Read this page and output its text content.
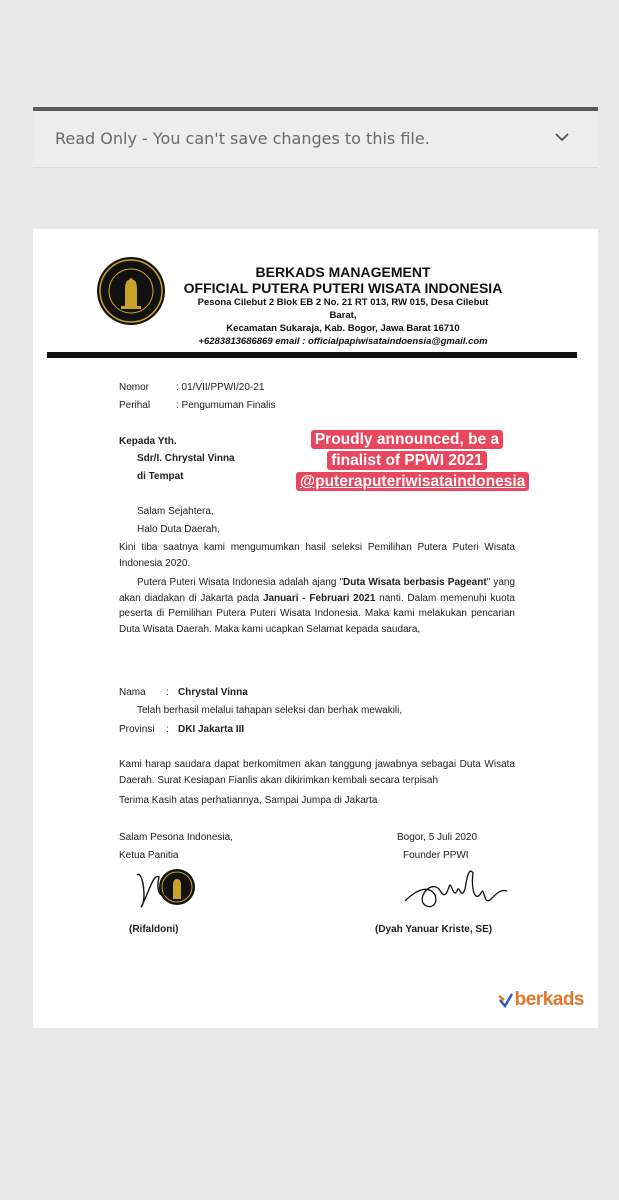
Read Only - You can't save changes to this file.
BERKADS MANAGEMENT
OFFICIAL PUTERA PUTERI WISATA INDONESIA
Pesona Cilebut 2 Blok EB 2 No. 21 RT 013, RW 015, Desa Cilebut Barat,
Kecamatan Sukaraja, Kab. Bogor, Jawa Barat 16710
+6283813686869 email : officialpapiwisataindoensia@gmail.com
Nomor	: 01/VII/PPWI/20-21
Perihal	: Pengumuman Finalis
Kepada Yth.
Sdr/I. Chrystal Vinna
di Tempat
Proudly announced, be a
finalist of PPWI 2021
@puteraputeriwisataindonesia
Salam Sejahtera,
Halo Duta Daerah,
Kini tiba saatnya kami mengumumkan hasil seleksi Pemilihan Putera Puteri Wisata Indonesia 2020.
Putera Puteri Wisata Indonesia adalah ajang "Duta Wisata berbasis Pageant" yang akan diadakan di Jakarta pada Januari - Februari 2021 nanti. Dalam memenuhi kuota peserta di Pemilihan Putera Puteri Wisata Indonesia. Maka kami melakukan pencarian Duta Wisata Daerah. Maka kami ucapkan Selamat kepada saudara,
Nama : Chrystal Vinna
Telah berhasil melalui tahapan seleksi dan berhak mewakili,
Provinsi : DKI Jakarta III
Kami harap saudara dapat berkomitmen akan tanggung jawabnya sebagai Duta Wisata Daerah. Surat Kesiapan Fianlis akan dikirimkan kembali secara terpisah
Terima Kasih atas perhatiannya, Sampai Jumpa di Jakarta
Salam Pesona Indonesia,
Ketua Panitia
Bogor, 5 Juli 2020
Founder PPWI
(Rifaldoni)	(Dyah Yanuar Kriste, SE)
berkads
